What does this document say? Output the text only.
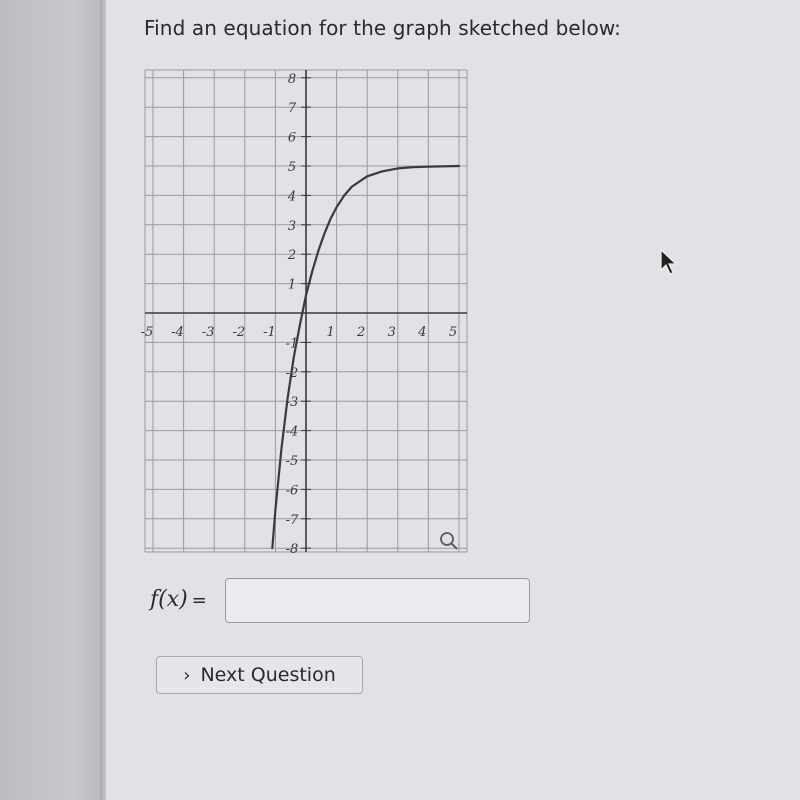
Find an equation for the graph sketched below:
-5 -4 -3 -2 -1	1 2 3 4 5
8
7
6
5
4
3
2
1
-1
-2
-3
-4
-5
-6
-7
-8
f(x) =
› Next Question
